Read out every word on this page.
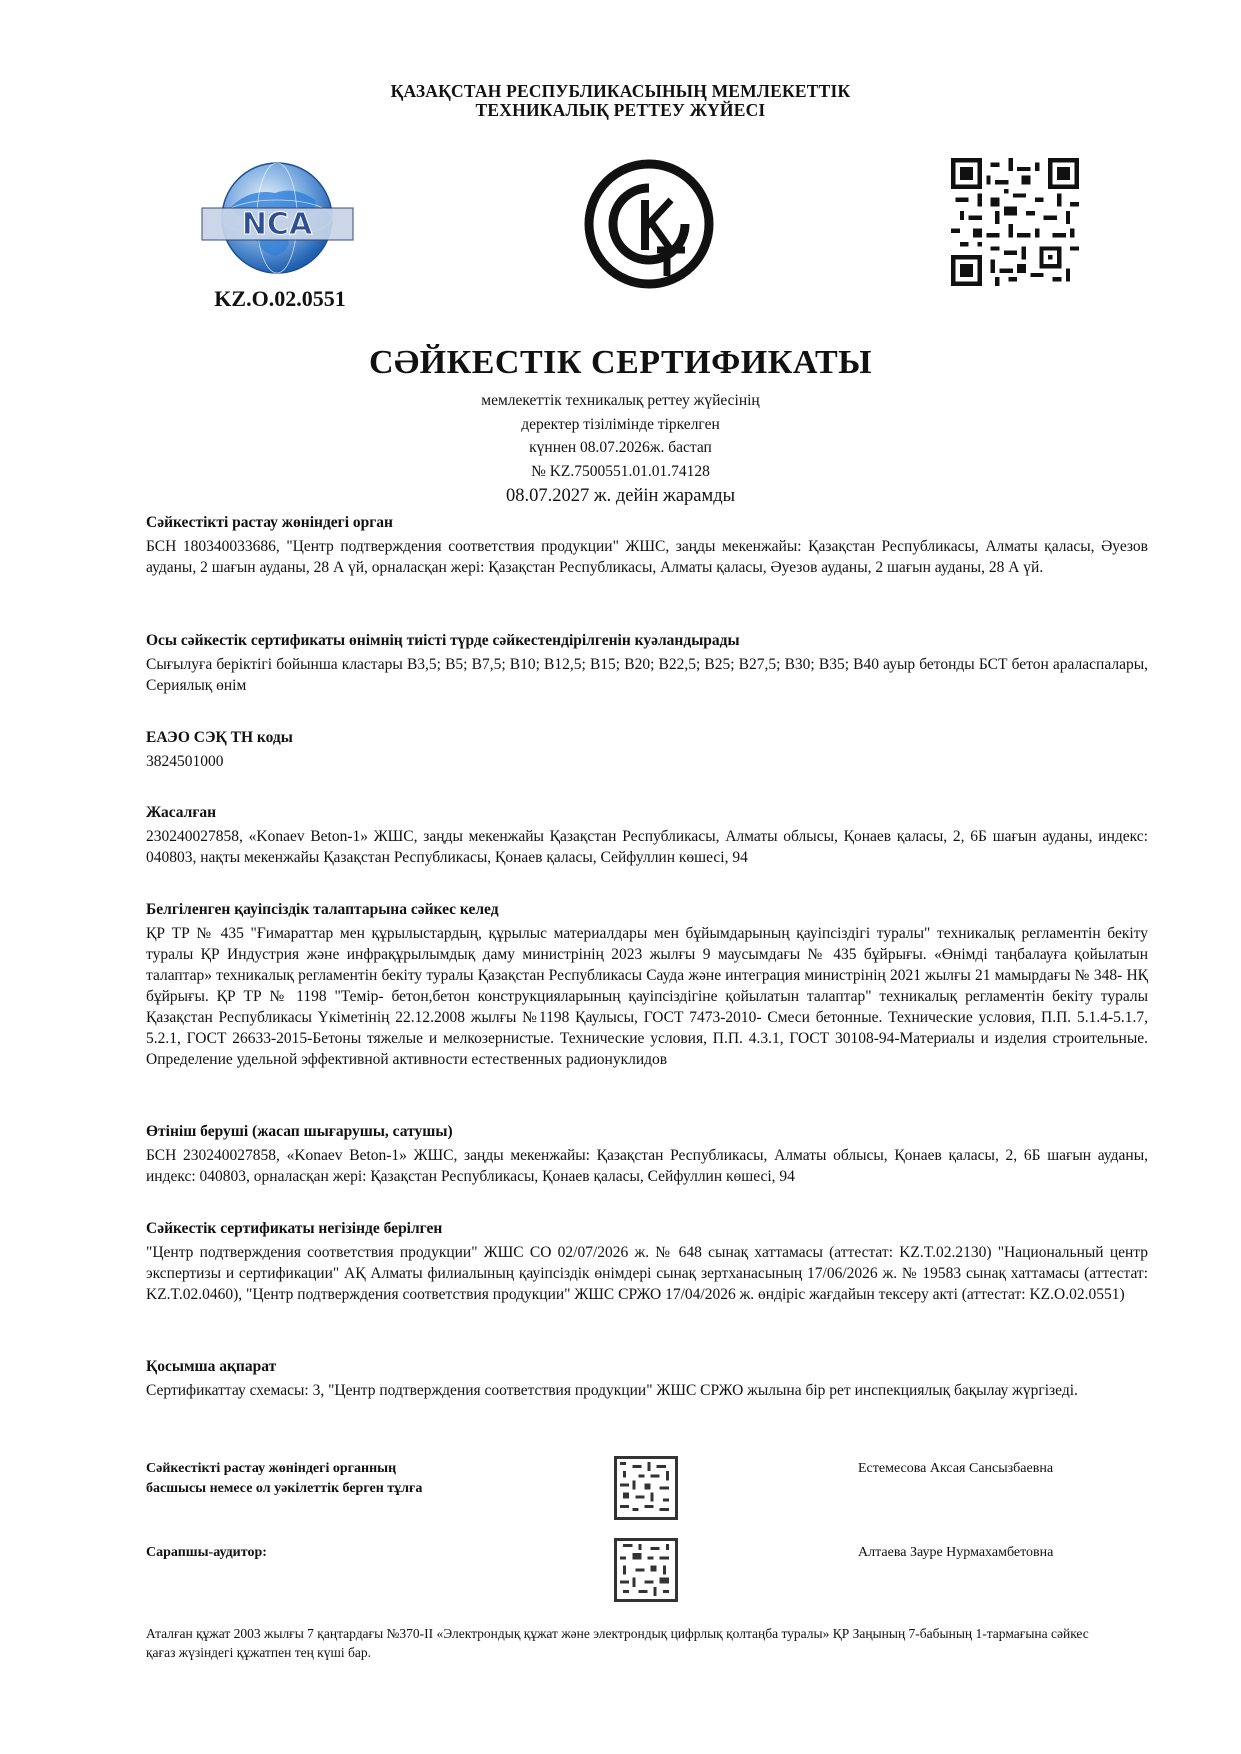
ҚАЗАҚСТАН РЕСПУБЛИКАСЫНЫҢ МЕМЛЕКЕТТІК
ТЕХНИКАЛЫҚ РЕТТЕУ ЖҮЙЕСІ
NCA
KZ.O.02.0551
СӘЙКЕСТІК СЕРТИФИКАТЫ
мемлекеттік техникалық реттеу жүйесінің
деректер тізілімінде тіркелген
күннен 08.07.2026ж. бастап
№ KZ.7500551.01.01.74128
08.07.2027 ж. дейін жарамды
Сәйкестікті растау жөніндегі орган
БСН 180340033686, "Центр подтверждения соответствия продукции" ЖШС, заңды мекенжайы: Қазақстан Республикасы, Алматы қаласы, Әуезов ауданы, 2 шағын ауданы, 28 А үй, орналасқан жері: Қазақстан Республикасы, Алматы қаласы, Әуезов ауданы, 2 шағын ауданы, 28 А үй.
Осы сәйкестік сертификаты өнімнің тиісті түрде сәйкестендірілгенін куәландырады
Сығылуға беріктігі бойынша кластары В3,5; В5; В7,5; В10; В12,5; В15; В20; В22,5; В25; В27,5; В30; В35; В40 ауыр бетонды БСТ бетон араласпалары, Сериялық өнім
ЕАЭО СЭҚ ТН коды
3824501000
Жасалған
230240027858, «Konaev Beton-1» ЖШС, заңды мекенжайы Қазақстан Республикасы, Алматы облысы, Қонаев қаласы, 2, 6Б шағын ауданы, индекс: 040803, нақты мекенжайы Қазақстан Республикасы, Қонаев қаласы, Сейфуллин көшесі, 94
Белгіленген қауіпсіздік талаптарына сәйкес келед
ҚР ТР № 435 "Ғимараттар мен құрылыстардың, құрылыс материалдары мен бұйымдарының қауіпсіздігі туралы" техникалық регламентін бекіту туралы ҚР Индустрия және инфрақұрылымдық даму министрінің 2023 жылғы 9 маусымдағы № 435 бұйрығы. «Өнімді таңбалауға қойылатын талаптар» техникалық регламентін бекіту туралы Қазақстан Республикасы Сауда және интеграция министрінің 2021 жылғы 21 мамырдағы № 348- НҚ бұйрығы. ҚР ТР № 1198 "Темір- бетон,бетон конструкцияларының қауіпсіздігіне қойылатын талаптар" техникалық регламентін бекіту туралы Қазақстан Республикасы Үкіметінің 22.12.2008 жылғы №1198 Қаулысы, ГОСТ 7473-2010- Смеси бетонные. Технические условия, П.П. 5.1.4-5.1.7, 5.2.1, ГОСТ 26633-2015-Бетоны тяжелые и мелкозернистые. Технические условия, П.П. 4.3.1, ГОСТ 30108-94-Материалы и изделия строительные. Определение удельной эффективной активности естественных радионуклидов
Өтініш беруші (жасап шығарушы, сатушы)
БСН 230240027858, «Konaev Beton-1» ЖШС, заңды мекенжайы: Қазақстан Республикасы, Алматы облысы, Қонаев қаласы, 2, 6Б шағын ауданы, индекс: 040803, орналасқан жері: Қазақстан Республикасы, Қонаев қаласы, Сейфуллин көшесі, 94
Сәйкестік сертификаты негізінде берілген
"Центр подтверждения соответствия продукции" ЖШС СО 02/07/2026 ж. № 648 сынақ хаттамасы (аттестат: KZ.T.02.2130) "Национальный центр экспертизы и сертификации" АҚ Алматы филиалының қауіпсіздік өнімдері сынақ зертханасының 17/06/2026 ж. № 19583 сынақ хаттамасы (аттестат: KZ.T.02.0460), "Центр подтверждения соответствия продукции" ЖШС СРЖО 17/04/2026 ж. өндіріс жағдайын тексеру акті (аттестат: KZ.O.02.0551)
Қосымша ақпарат
Сертификаттау схемасы: 3, "Центр подтверждения соответствия продукции" ЖШС СРЖО жылына бір рет инспекциялық бақылау жүргізеді.
Сәйкестікті растау жөніндегі органның басшысы немесе ол уәкілеттік берген тұлға
Естемесова Аксая Сансызбаевна
Сарапшы-аудитор:	Алтаева Зауре Нурмахамбетовна
Аталған құжат 2003 жылғы 7 қаңтардағы №370-II «Электрондық құжат және электрондық цифрлық қолтаңба туралы» ҚР Заңының 7-бабының 1-тармағына сәйкес қағаз жүзіндегі құжатпен тең күші бар.
